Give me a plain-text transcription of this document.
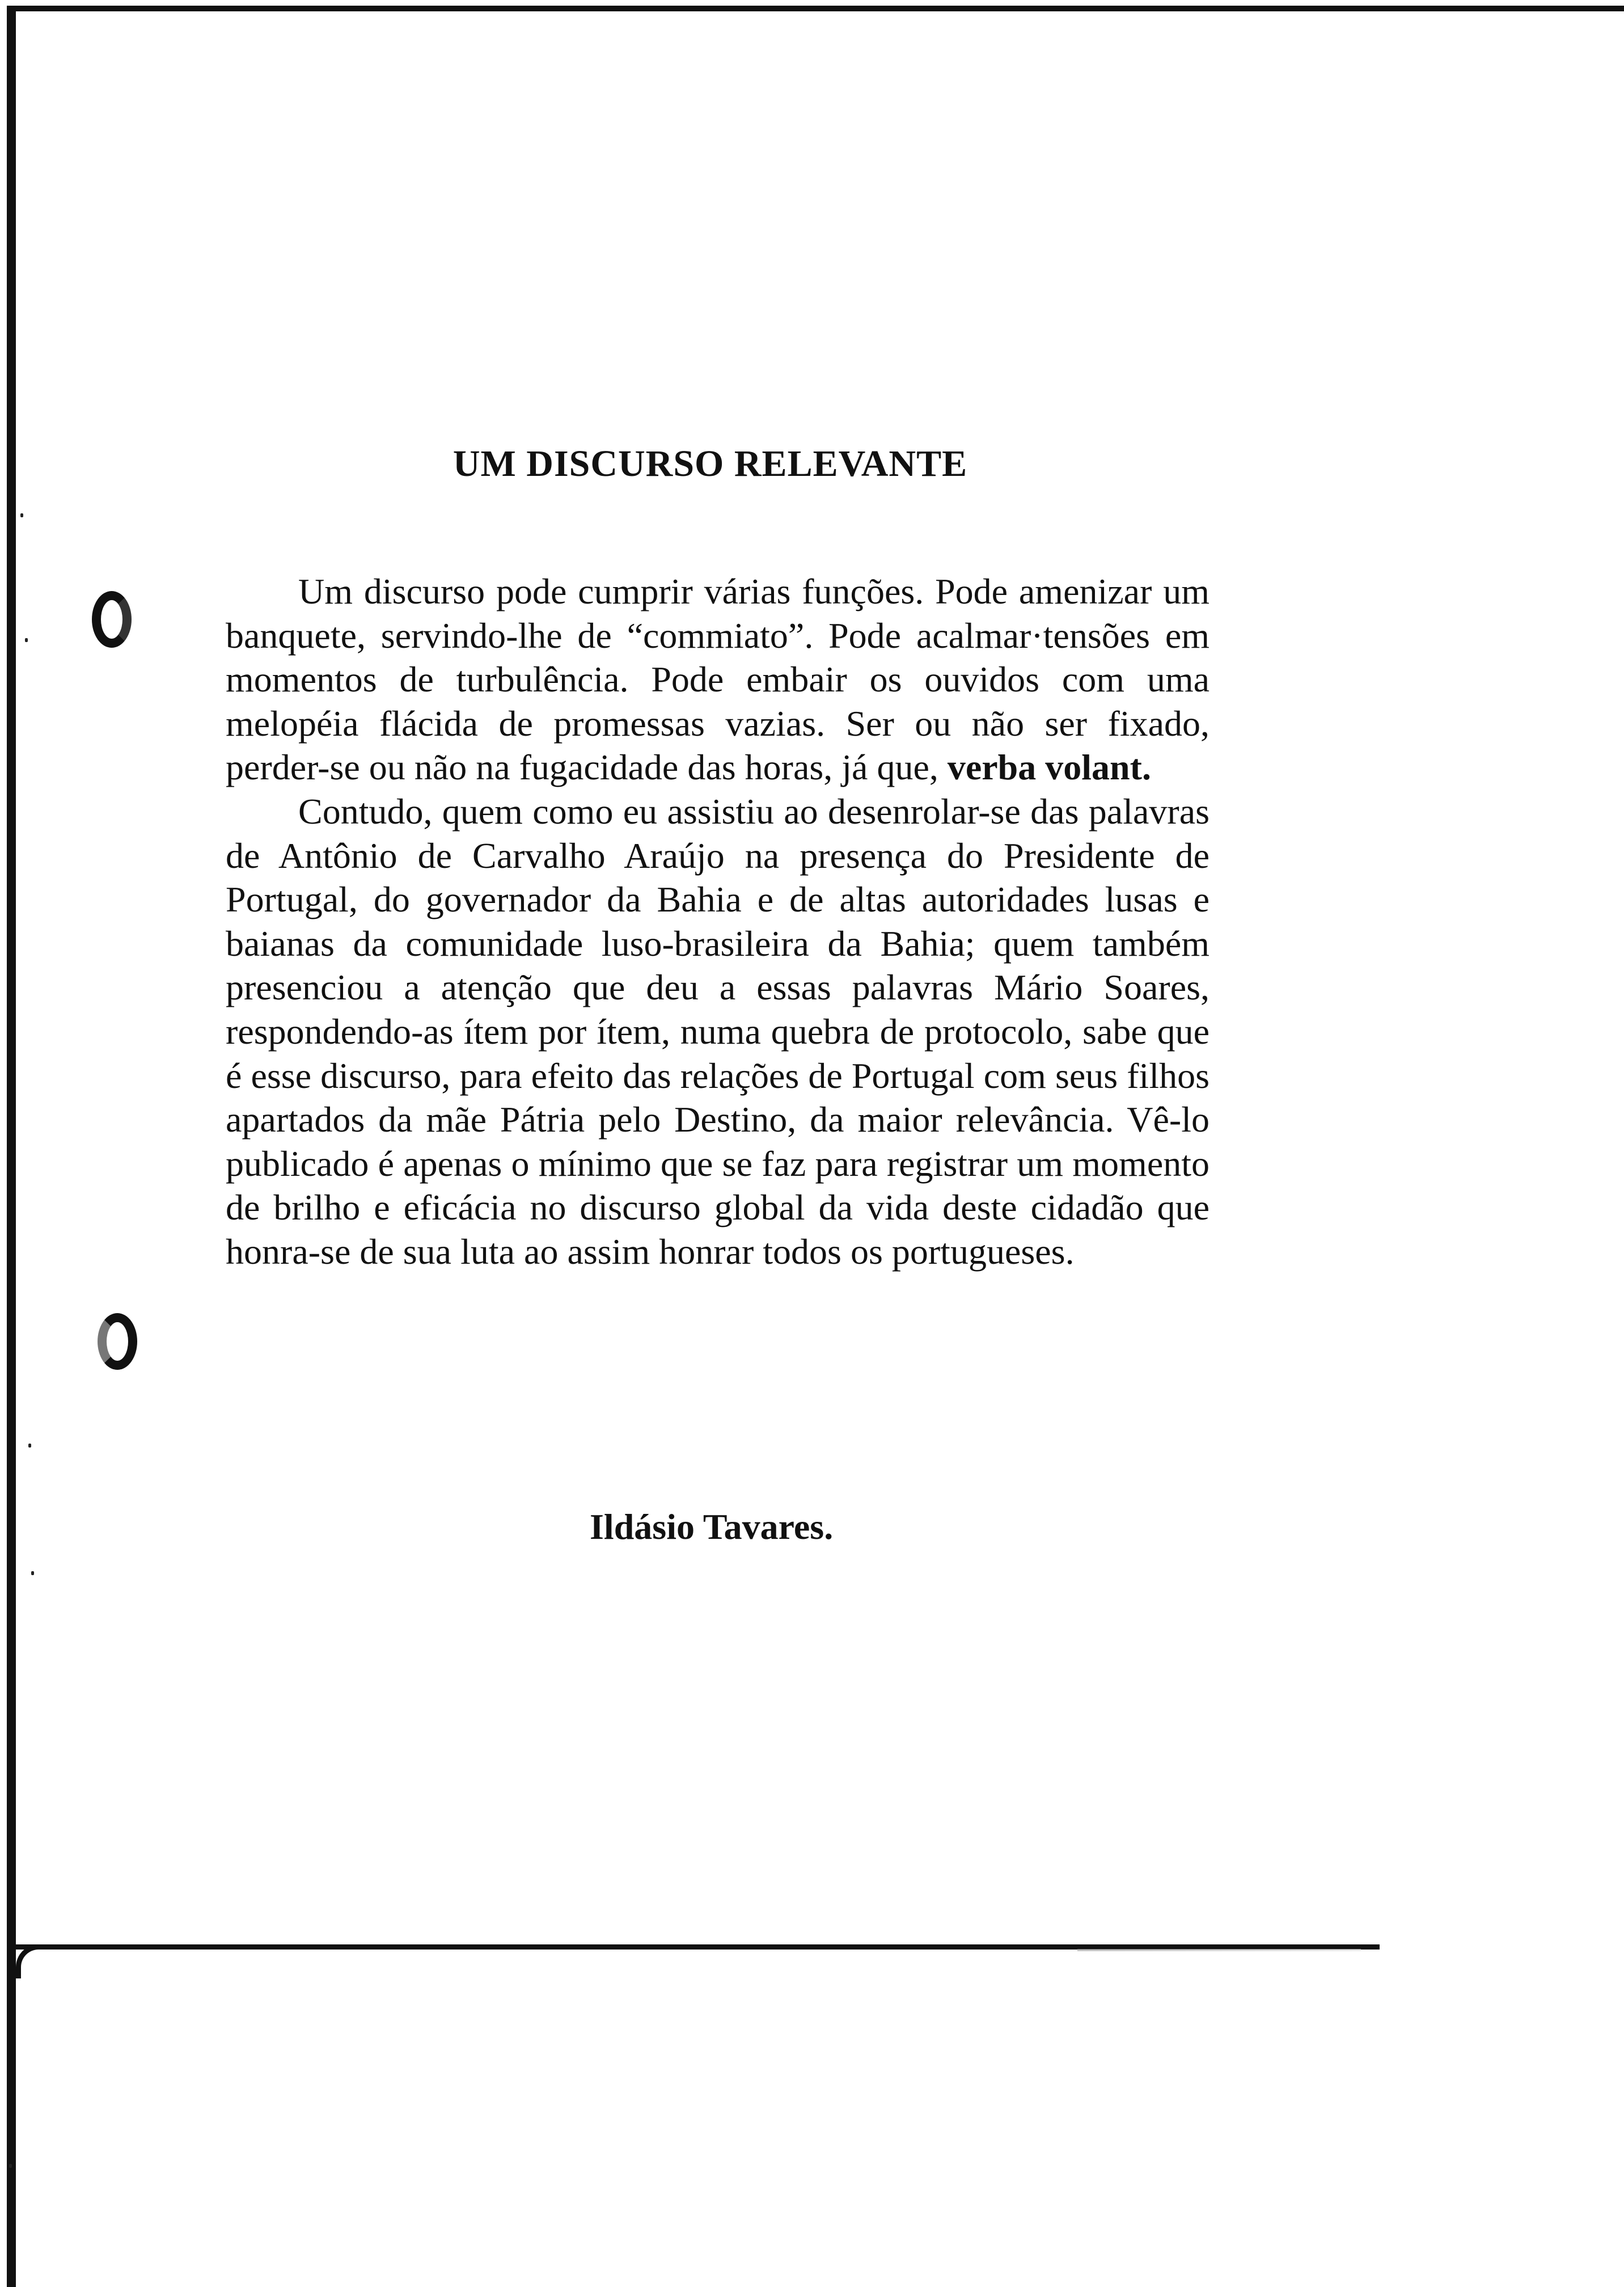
UM DISCURSO RELEVANTE

Um discurso pode cumprir várias funções. Pode amenizar um banquete, servindo-lhe de “commiato”. Pode acalmar·tensões em momentos de turbulência. Pode embair os ouvidos com uma melopéia flácida de promessas vazias. Ser ou não ser fixado, perder-se ou não na fugacidade das horas, já que, verba volant.

Contudo, quem como eu assistiu ao desenrolar-se das palavras de Antônio de Carvalho Araújo na presença do Presidente de Portugal, do governador da Bahia e de altas autoridades lusas e baianas da comunidade luso-brasileira da Bahia; quem também presenciou a atenção que deu a essas palavras Mário Soares, respondendo-as ítem por ítem, numa quebra de protocolo, sabe que é esse discurso, para efeito das relações de Portugal com seus filhos apartados da mãe Pátria pelo Destino, da maior relevância. Vê-lo publicado é apenas o mínimo que se faz para registrar um momento de brilho e eficácia no discurso global da vida deste cidadão que honra-se de sua luta ao assim honrar todos os portugueses.

Ildásio Tavares.
